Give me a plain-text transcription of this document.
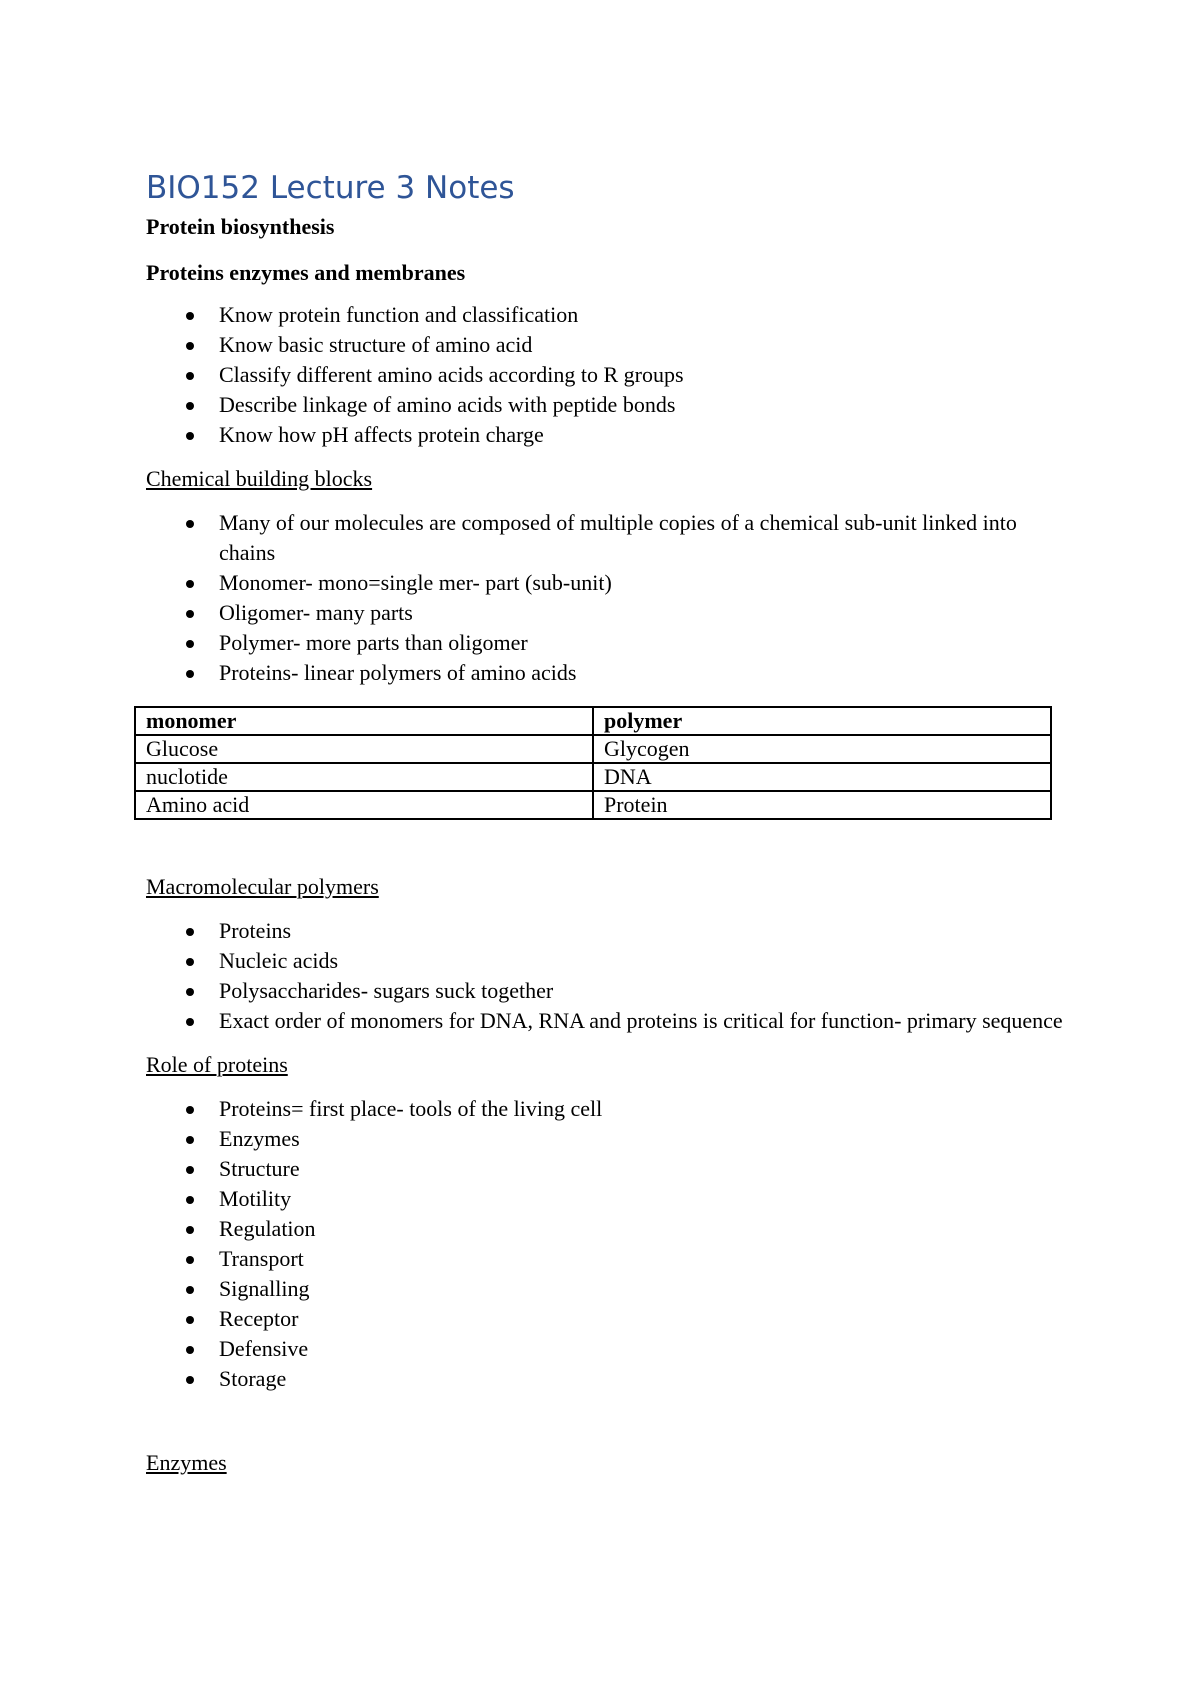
BIO152 Lecture 3 Notes

Protein biosynthesis

Proteins enzymes and membranes

Know protein function and classification
Know basic structure of amino acid
Classify different amino acids according to R groups
Describe linkage of amino acids with peptide bonds
Know how pH affects protein charge

Chemical building blocks

Many of our molecules are composed of multiple copies of a chemical sub-unit linked into chains
Monomer- mono=single mer- part (sub-unit)
Oligomer- many parts
Polymer- more parts than oligomer
Proteins- linear polymers of amino acids
monomer	polymer
Glucose	Glycogen
nuclotide	DNA
Amino acid	Protein

Macromolecular polymers

Proteins
Nucleic acids
Polysaccharides- sugars suck together
Exact order of monomers for DNA, RNA and proteins is critical for function- primary sequence

Role of proteins

Proteins= first place- tools of the living cell
Enzymes
Structure
Motility
Regulation
Transport
Signalling
Receptor
Defensive
Storage

Enzymes
